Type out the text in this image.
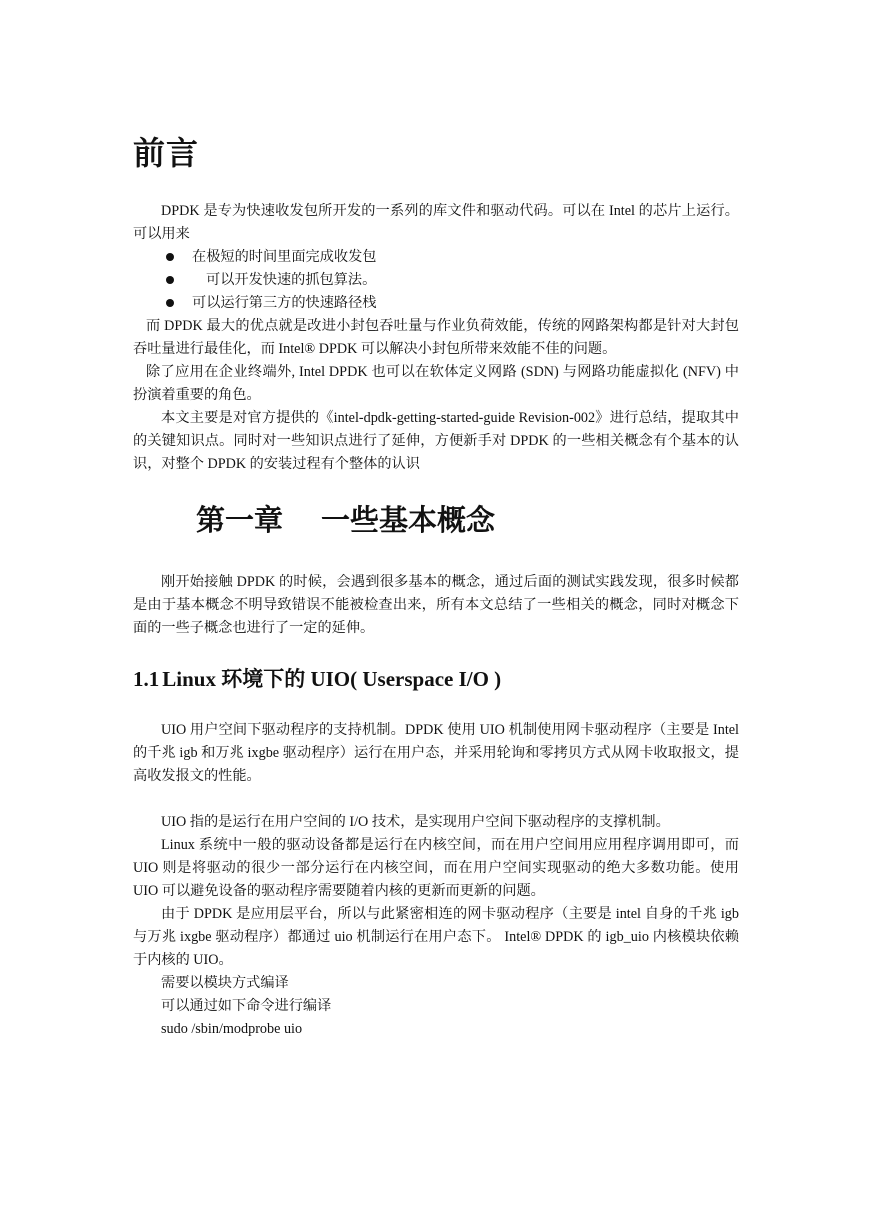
前言

DPDK 是专为快速收发包所开发的一系列的库文件和驱动代码。可以在 Intel 的芯片上运行。可以用来

在极短的时间里面完成收发包
可以开发快速的抓包算法。
可以运行第三方的快速路径栈

而 DPDK 最大的优点就是改进小封包吞吐量与作业负荷效能，传统的网路架构都是针对大封包吞吐量进行最佳化，而 Intel® DPDK 可以解决小封包所带来效能不佳的问题。

除了应用在企业终端外, Intel DPDK 也可以在软体定义网路 (SDN) 与网路功能虚拟化 (NFV) 中扮演着重要的角色。

本文主要是对官方提供的《intel-dpdk-getting-started-guide Revision-002》进行总结，提取其中的关键知识点。同时对一些知识点进行了延伸，方便新手对 DPDK 的一些相关概念有个基本的认识，对整个 DPDK 的安装过程有个整体的认识

第一章 一些基本概念

刚开始接触 DPDK 的时候，会遇到很多基本的概念，通过后面的测试实践发现，很多时候都是由于基本概念不明导致错误不能被检查出来，所有本文总结了一些相关的概念，同时对概念下面的一些子概念也进行了一定的延伸。

1.1 Linux 环境下的 UIO( Userspace I/O )

UIO 用户空间下驱动程序的支持机制。DPDK 使用 UIO 机制使用网卡驱动程序（主要是 Intel 的千兆 igb 和万兆 ixgbe 驱动程序）运行在用户态，并采用轮询和零拷贝方式从网卡收取报文，提高收发报文的性能。

UIO 指的是运行在用户空间的 I/O 技术，是实现用户空间下驱动程序的支撑机制。

Linux 系统中一般的驱动设备都是运行在内核空间，而在用户空间用应用程序调用即可，而 UIO 则是将驱动的很少一部分运行在内核空间，而在用户空间实现驱动的绝大多数功能。使用 UIO 可以避免设备的驱动程序需要随着内核的更新而更新的问题。

由于 DPDK 是应用层平台，所以与此紧密相连的网卡驱动程序（主要是 intel 自身的千兆 igb 与万兆 ixgbe 驱动程序）都通过 uio 机制运行在用户态下。 Intel® DPDK 的 igb_uio 内核模块依赖于内核的 UIO。

需要以模块方式编译
可以通过如下命令进行编译
sudo /sbin/modprobe uio
